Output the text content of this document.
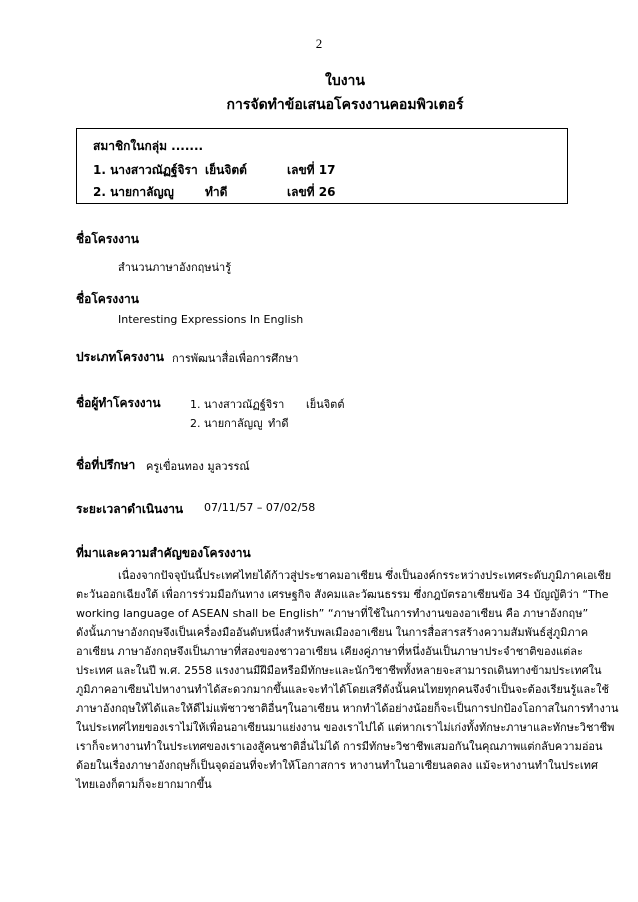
2
ใบงาน
การจัดทำข้อเสนอโครงงานคอมพิวเตอร์
สมาชิกในกลุ่ม .......
1. นางสาวณัฏฐ์จิรา เย็นจิตต์	เลขที่ 17
2. นายกาลัญญู	ทำดี	เลขที่ 26
ชื่อโครงงาน
สำนวนภาษาอังกฤษน่ารู้
ชื่อโครงงาน
Interesting Expressions In English
ประเภทโครงงาน การพัฒนาสื่อเพื่อการศึกษา
ชื่อผู้ทำโครงงาน	1. นางสาวณัฏฐ์จิรา เย็นจิตต์
2. นายกาลัญญู ทำดี
ชื่อที่ปรึกษา ครูเขื่อนทอง มูลวรรณ์
ระยะเวลาดำเนินงาน 07/11/57 – 07/02/58
ที่มาและความสำคัญของโครงงาน
เนื่องจากปัจจุบันนี้ประเทศไทยได้ก้าวสู่ประชาคมอาเซียน ซึ่งเป็นองค์กรระหว่างประเทศระดับภูมิภาคเอเชีย
ตะวันออกเฉียงใต้ เพื่อการร่วมมือกันทาง เศรษฐกิจ สังคมและวัฒนธรรม ซึ่งกฎบัตรอาเซียนข้อ 34 บัญญัติว่า “The
working language of ASEAN shall be English” “ภาษาที่ใช้ในการทำงานของอาเซียน คือ ภาษาอังกฤษ”
ดังนั้นภาษาอังกฤษจึงเป็นเครื่องมืออันดับหนึ่งสำหรับพลเมืองอาเซียน ในการสื่อสารสร้างความสัมพันธ์สู่ภูมิภาค
อาเซียน ภาษาอังกฤษจึงเป็นภาษาที่สองของชาวอาเซียน เคียงคู่ภาษาที่หนึ่งอันเป็นภาษาประจำชาติของแต่ละ
ประเทศ และในปี พ.ศ. 2558 แรงงานมีฝีมือหรือมีทักษะและนักวิชาชีพทั้งหลายจะสามารถเดินทางข้ามประเทศใน
ภูมิภาคอาเซียนไปหางานทำได้สะดวกมากขึ้นและจะทำได้โดยเสรีดังนั้นคนไทยทุกคนจึงจำเป็นจะต้องเรียนรู้และใช้
ภาษาอังกฤษให้ได้และให้ดีไม่แพ้ชาวชาติอื่นๆในอาเซียน หากทำได้อย่างน้อยก็จะเป็นการปกป้องโอกาสในการทำงาน
ในประเทศไทยของเราไม่ให้เพื่อนอาเซียนมาแย่งงาน ของเราไปได้ แต่หากเราไม่เก่งทั้งทักษะภาษาและทักษะวิชาชีพ
เราก็จะหางานทำในประเทศของเราเองสู้คนชาติอื่นไม่ได้ การมีทักษะวิชาชีพเสมอกันในคุณภาพแต่กลับความอ่อน
ด้อยในเรื่องภาษาอังกฤษก็เป็นจุดอ่อนที่จะทำให้โอกาสการ หางานทำในอาเซียนลดลง แม้จะหางานทำในประเทศ
ไทยเองก็ตามก็จะยากมากขึ้น
